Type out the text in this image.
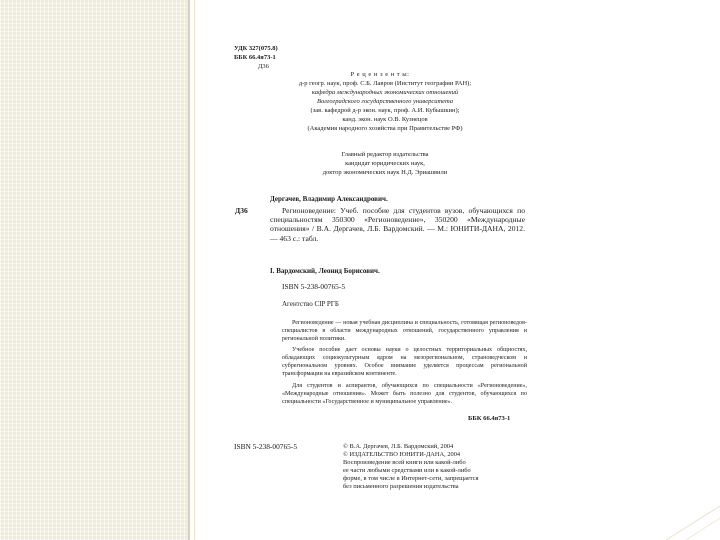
УДК 327(075.8)
ББК 66.4я73-1
Д36
Р е ц е н з е н т ы:
д-р геогр. наук, проф. С.Б. Лавров (Институт географии РАН);
кафедра международных экономических отношений
Волгоградского государственного университета
(зав. кафедрой д-р экон. наук, проф. А.И. Кубышкин);
канд. экон. наук О.В. Кузнецов
(Академия народного хозяйства при Правительстве РФ)
Главный редактор издательства
кандидат юридических наук,
доктор экономических наук Н.Д. Эриашвили
Дергачев, Владимир Александрович.
Д36	Регионоведение: Учеб. пособие для студентов вузов, обучающихся по специальностям 350300 «Регионоведение», 350200 «Международные отношения» / В.А. Дергачев, Л.Б. Вардомский. — М.: ЮНИТИ-ДАНА, 2012. — 463 с.: табл.
I. Вардомский, Леонид Борисович.
ISBN 5-238-00765-5
Агентство CIP РГБ
Регионоведение — новая учебная дисциплина и специальность, готовящая регионоведов-специалистов в области международных отношений, государственного управления и региональной политики.
Учебное пособие дает основы науки о целостных территориальных общностях, обладающих социокультурным ядром на мезорегиональном, страноведческом и субрегиональном уровнях. Особое внимание уделяется процессам региональной трансформации на евразийском континенте.
Для студентов и аспирантов, обучающихся по специальности «Регионоведение», «Международные отношения». Может быть полезно для студентов, обучающихся по специальности «Государственное и муниципальное управление».
ББК 66.4я73-1
ISBN 5-238-00765-5	© В.А. Дергачев, Л.Б. Вардомский, 2004
© ИЗДАТЕЛЬСТВО ЮНИТИ-ДАНА, 2004
Воспроизведение всей книги или какой-либо
ее части любыми средствами или в какой-либо
форме, в том числе в Интернет-сети, запрещается
без письменного разрешения издательства
